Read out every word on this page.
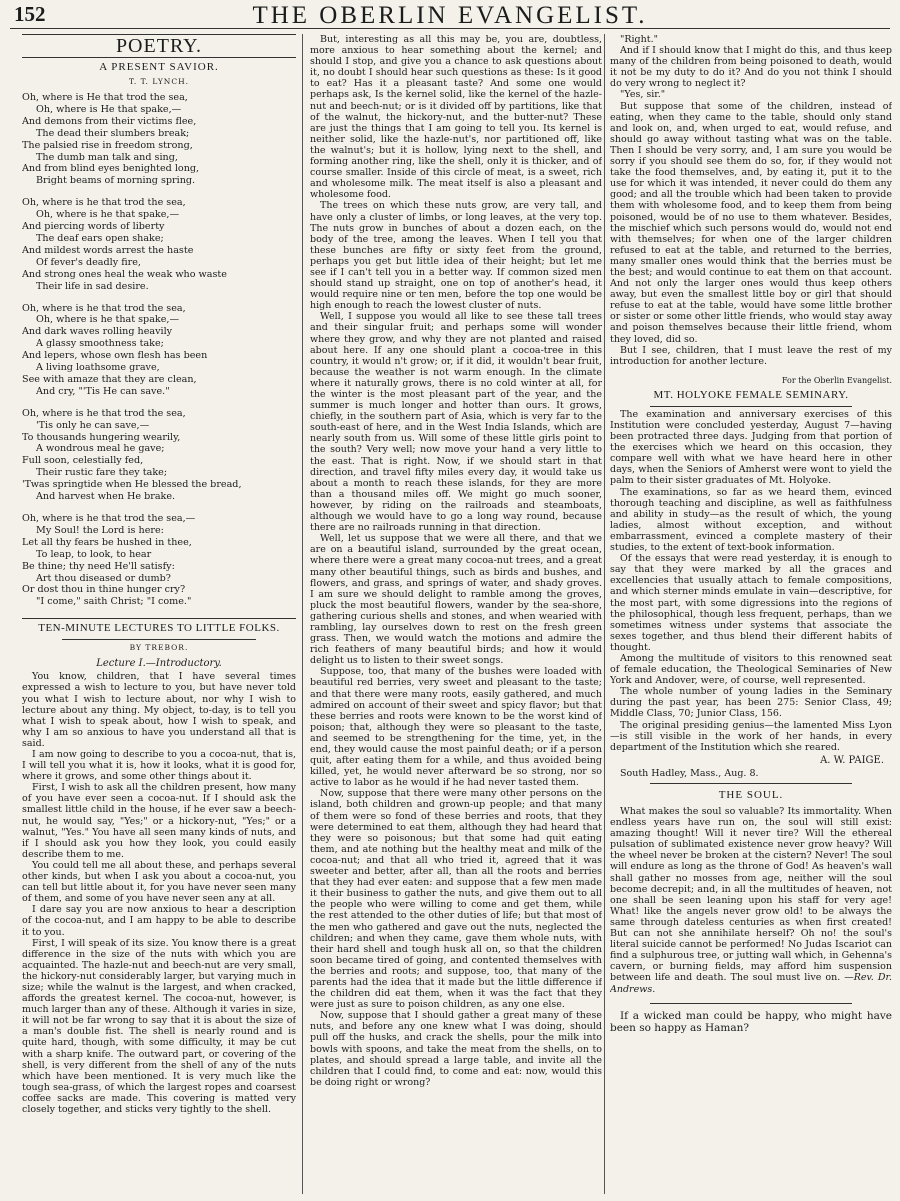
152	THE OBERLIN EVANGELIST.
POETRY.
A PRESENT SAVIOR.
T. T. LYNCH.
Oh, where is He that trod the sea,
Oh, where is He that spake,—
And demons from their victims flee,
The dead their slumbers break;
The palsied rise in freedom strong,
The dumb man talk and sing,
And from blind eyes benighted long,
Bright beams of morning spring.
Oh, where is he that trod the sea,
Oh, where is he that spake,—
And piercing words of liberty
The deaf ears open shake;
And mildest words arrest the haste
Of fever's deadly fire,
And strong ones heal the weak who waste
Their life in sad desire.
Oh, where is he that trod the sea,
Oh, where is he that spake,—
And dark waves rolling heavily
A glassy smoothness take;
And lepers, whose own flesh has been
A living loathsome grave,
See with amaze that they are clean,
And cry, "'Tis He can save."
Oh, where is he that trod the sea,
'Tis only he can save,—
To thousands hungering wearily,
A wondrous meal he gave;
Full soon, celestially fed,
Their rustic fare they take;
'Twas springtide when He blessed the bread,
And harvest when He brake.
Oh, where is he that trod the sea,—
My Soul! the Lord is here:
Let all thy fears be hushed in thee,
To leap, to look, to hear
Be thine; thy need He'll satisfy:
Art thou diseased or dumb?
Or dost thou in thine hunger cry?
"I come," saith Christ; "I come."
TEN-MINUTE LECTURES TO LITTLE FOLKS.
BY TREBOR.
Lecture I.—Introductory.

You know, children, that I have several times expressed a wish to lecture to you, but have never told you what I wish to lecture about, nor why I wish to lecture about any thing. My object, to-day, is to tell you what I wish to speak about, how I wish to speak, and why I am so anxious to have you understand all that is said.

I am now going to describe to you a cocoa-nut, that is, I will tell you what it is, how it looks, what it is good for, where it grows, and some other things about it.

First, I wish to ask all the children present, how many of you have ever seen a cocoa-nut. If I should ask the smallest little child in the house, if he ever saw a beech-nut, he would say, "Yes;" or a hickory-nut, "Yes;" or a walnut, "Yes." You have all seen many kinds of nuts, and if I should ask you how they look, you could easily describe them to me.

You could tell me all about these, and perhaps several other kinds, but when I ask you about a cocoa-nut, you can tell but little about it, for you have never seen many of them, and some of you have never seen any at all.

I dare say you are now anxious to hear a description of the cocoa-nut, and I am happy to be able to describe it to you.

First, I will speak of its size. You know there is a great difference in the size of the nuts with which you are acquainted. The hazle-nut and beech-nut are very small, the hickory-nut considerably larger, but varying much in size; while the walnut is the largest, and when cracked, affords the greatest kernel. The cocoa-nut, however, is much larger than any of these. Although it varies in size, it will not be far wrong to say that it is about the size of a man's double fist. The shell is nearly round and is quite hard, though, with some difficulty, it may be cut with a sharp knife. The outward part, or covering of the shell, is very different from the shell of any of the nuts which have been mentioned. It is very much like the tough sea-grass, of which the largest ropes and coarsest coffee sacks are made. This covering is matted very closely together, and sticks very tightly to the shell.

But, interesting as all this may be, you are, doubtless, more anxious to hear something about the kernel; and should I stop, and give you a chance to ask questions about it, no doubt I should hear such questions as these: Is it good to eat? Has it a pleasant taste? And some one would perhaps ask, Is the kernel solid, like the kernel of the hazle-nut and beech-nut; or is it divided off by partitions, like that of the walnut, the hickory-nut, and the butter-nut? These are just the things that I am going to tell you. Its kernel is neither solid, like the hazle-nut's, nor partitioned off, like the walnut's; but it is hollow, lying next to the shell, and forming another ring, like the shell, only it is thicker, and of course smaller. Inside of this circle of meat, is a sweet, rich and wholesome milk. The meat itself is also a pleasant and wholesome food.

The trees on which these nuts grow, are very tall, and have only a cluster of limbs, or long leaves, at the very top. The nuts grow in bunches of about a dozen each, on the body of the tree, among the leaves. When I tell you that these bunches are fifty or sixty feet from the ground, perhaps you get but little idea of their height; but let me see if I can't tell you in a better way. If common sized men should stand up straight, one on top of another's head, it would require nine or ten men, before the top one would be high enough to reach the lowest cluster of nuts.

Well, I suppose you would all like to see these tall trees and their singular fruit; and perhaps some will wonder where they grow, and why they are not planted and raised about here. If any one should plant a cocoa-tree in this country, it would n't grow; or, if it did, it wouldn't bear fruit, because the weather is not warm enough. In the climate where it naturally grows, there is no cold winter at all, for the winter is the most pleasant part of the year, and the summer is much longer and hotter than ours. It grows, chiefly, in the southern part of Asia, which is very far to the south-east of here, and in the West India Islands, which are nearly south from us. Will some of these little girls point to the south? Very well; now move your hand a very little to the east. That is right. Now, if we should start in that direction, and travel fifty miles every day, it would take us about a month to reach these islands, for they are more than a thousand miles off. We might go much sooner, however, by riding on the railroads and steamboats, although we would have to go a long way round, because there are no railroads running in that direction.

Well, let us suppose that we were all there, and that we are on a beautiful island, surrounded by the great ocean, where there were a great many cocoa-nut trees, and a great many other beautiful things, such as birds and bushes, and flowers, and grass, and springs of water, and shady groves. I am sure we should delight to ramble among the groves, pluck the most beautiful flowers, wander by the sea-shore, gathering curious shells and stones, and when wearied with rambling, lay ourselves down to rest on the fresh green grass. Then, we would watch the motions and admire the rich feathers of many beautiful birds; and how it would delight us to listen to their sweet songs.

Suppose, too, that many of the bushes were loaded with beautiful red berries, very sweet and pleasant to the taste; and that there were many roots, easily gathered, and much admired on account of their sweet and spicy flavor; but that these berries and roots were known to be the worst kind of poison; that, although they were so pleasant to the taste, and seemed to be strengthening for the time, yet, in the end, they would cause the most painful death; or if a person quit, after eating them for a while, and thus avoided being killed, yet, he would never afterward be so strong, nor so active to labor as he would if he had never tasted them.

Now, suppose that there were many other persons on the island, both children and grown-up people; and that many of them were so fond of these berries and roots, that they were determined to eat them, although they had heard that they were so poisonous; but that some had quit eating them, and ate nothing but the healthy meat and milk of the cocoa-nut; and that all who tried it, agreed that it was sweeter and better, after all, than all the roots and berries that they had ever eaten: and suppose that a few men made it their business to gather the nuts, and give them out to all the people who were willing to come and get them, while the rest attended to the other duties of life; but that most of the men who gathered and gave out the nuts, neglected the children; and when they came, gave them whole nuts, with their hard shell and tough husk all on, so that the children soon became tired of going, and contented themselves with the berries and roots; and suppose, too, that many of the parents had the idea that it made but the little difference if the children did eat them, when it was the fact that they were just as sure to poison children, as any one else.

Now, suppose that I should gather a great many of these nuts, and before any one knew what I was doing, should pull off the husks, and crack the shells, pour the milk into bowls with spoons, and take the meat from the shells, on to plates, and should spread a large table, and invite all the children that I could find, to come and eat: now, would this be doing right or wrong?

"Right."

And if I should know that I might do this, and thus keep many of the children from being poisoned to death, would it not be my duty to do it? And do you not think I should do very wrong to neglect it?

"Yes, sir."

But suppose that some of the children, instead of eating, when they came to the table, should only stand and look on, and, when urged to eat, would refuse, and should go away without tasting what was on the table. Then I should be very sorry, and, I am sure you would be sorry if you should see them do so, for, if they would not take the food themselves, and, by eating it, put it to the use for which it was intended, it never could do them any good; and all the trouble which had been taken to provide them with wholesome food, and to keep them from being poisoned, would be of no use to them whatever. Besides, the mischief which such persons would do, would not end with themselves; for when one of the larger children refused to eat at the table, and returned to the berries, many smaller ones would think that the berries must be the best; and would continue to eat them on that account. And not only the larger ones would thus keep others away, but even the smallest little boy or girl that should refuse to eat at the table, would have some little brother or sister or some other little friends, who would stay away and poison themselves because their little friend, whom they loved, did so.

But I see, children, that I must leave the rest of my introduction for another lecture.

For the Oberlin Evangelist.
MT. HOLYOKE FEMALE SEMINARY.

The examination and anniversary exercises of this Institution were concluded yesterday, August 7—having been protracted three days. Judging from that portion of the exercises which we heard on this occasion, they compare well with what we have heard here in other days, when the Seniors of Amherst were wont to yield the palm to their sister graduates of Mt. Holyoke.

The examinations, so far as we heard them, evinced thorough teaching and discipline, as well as faithfulness and ability in study—as the result of which, the young ladies, almost without exception, and without embarrassment, evinced a complete mastery of their studies, to the extent of text-book information.

Of the essays that were read yesterday, it is enough to say that they were marked by all the graces and excellencies that usually attach to female compositions, and which sterner minds emulate in vain—descriptive, for the most part, with some digressions into the regions of the philosophical, though less frequent, perhaps, than we sometimes witness under systems that associate the sexes together, and thus blend their different habits of thought.

Among the multitude of visitors to this renowned seat of female education, the Theological Seminaries of New York and Andover, were, of course, well represented.

The whole number of young ladies in the Seminary during the past year, has been 275: Senior Class, 49; Middle Class, 70; Junior Class, 156.

The original presiding genius—the lamented Miss Lyon—is still visible in the work of her hands, in every department of the Institution which she reared.

A. W. PAIGE.
South Hadley, Mass., Aug. 8.
THE SOUL.

What makes the soul so valuable? Its immortality. When endless years have run on, the soul will still exist: amazing thought! Will it never tire? Will the ethereal pulsation of sublimated existence never grow heavy? Will the wheel never be broken at the cistern? Never! The soul will endure as long as the throne of God! As heaven's wall shall gather no mosses from age, neither will the soul become decrepit; and, in all the multitudes of heaven, not one shall be seen leaning upon his staff for very age! What! like the angels never grow old! to be always the same through dateless centuries as when first created! But can not she annihilate herself? Oh no! the soul's literal suicide cannot be performed! No Judas Iscariot can find a sulphurous tree, or jutting wall which, in Gehenna's cavern, or burning fields, may afford him suspension between life and death. The soul must live on. —Rev. Dr. Andrews.

If a wicked man could be happy, who might have been so happy as Haman?
